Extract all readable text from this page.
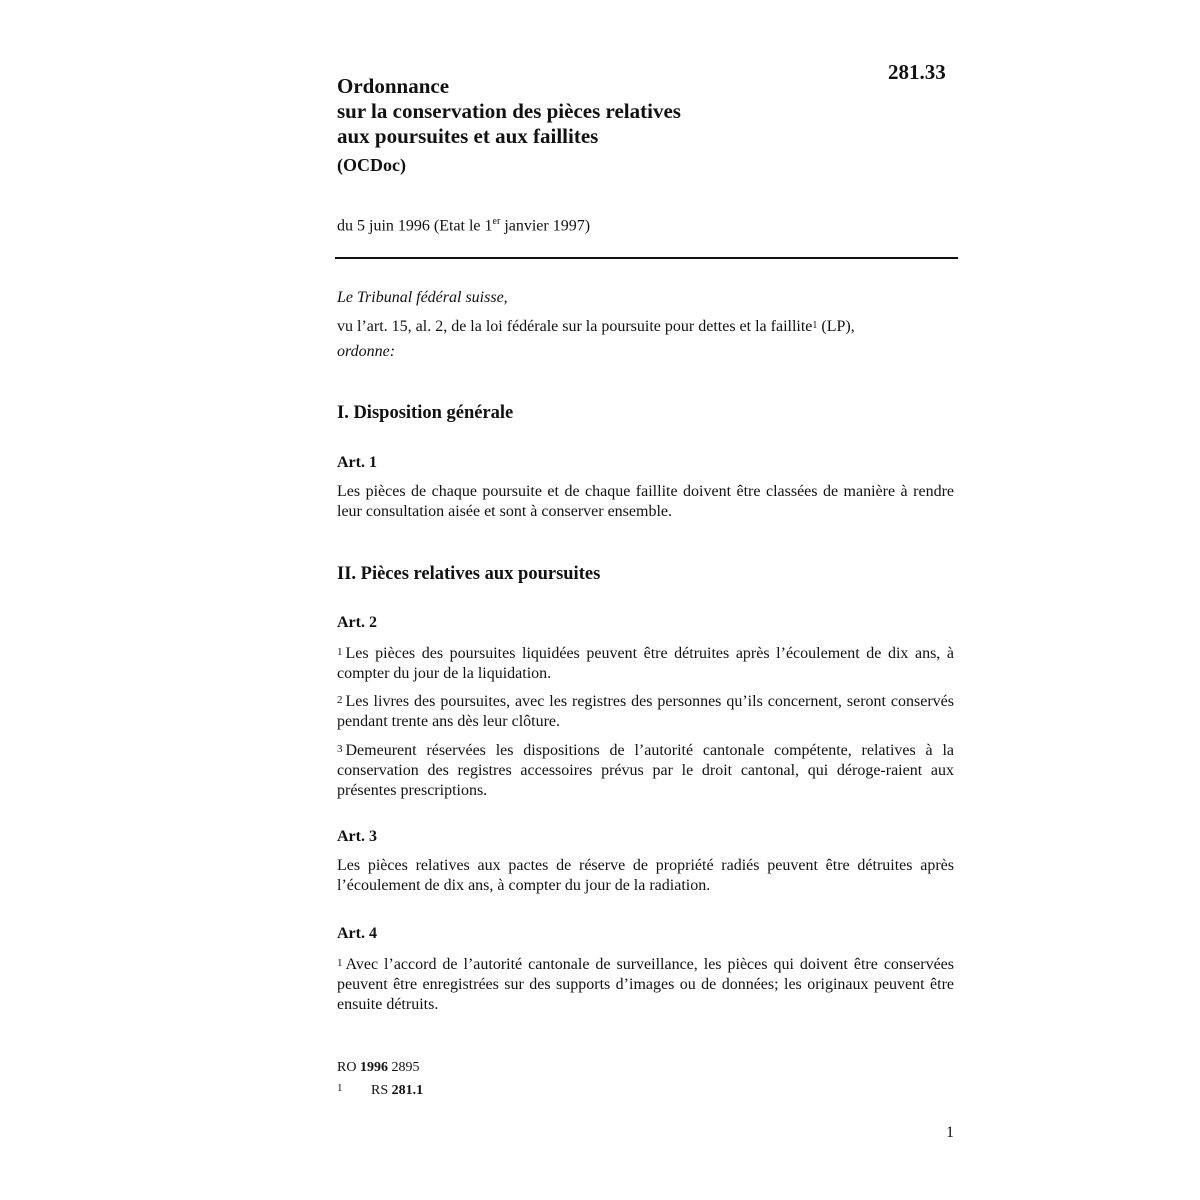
281.33
Ordonnance
sur la conservation des pièces relatives
aux poursuites et aux faillites
(OCDoc)
du 5 juin 1996 (Etat le 1er janvier 1997)

Le Tribunal fédéral suisse,

vu l’art. 15, al. 2, de la loi fédérale sur la poursuite pour dettes et la faillite1 (LP),

ordonne:

I. Disposition générale
Art. 1

Les pièces de chaque poursuite et de chaque faillite doivent être classées de manière à rendre leur consultation aisée et sont à conserver ensemble.

II. Pièces relatives aux poursuites
Art. 2

1 Les pièces des poursuites liquidées peuvent être détruites après l’écoulement de dix ans, à compter du jour de la liquidation.

2 Les livres des poursuites, avec les registres des personnes qu’ils concernent, seront conservés pendant trente ans dès leur clôture.

3 Demeurent réservées les dispositions de l’autorité cantonale compétente, relatives à la conservation des registres accessoires prévus par le droit cantonal, qui déroge-raient aux présentes prescriptions.

Art. 3

Les pièces relatives aux pactes de réserve de propriété radiés peuvent être détruites après l’écoulement de dix ans, à compter du jour de la radiation.

Art. 4

1 Avec l’accord de l’autorité cantonale de surveillance, les pièces qui doivent être conservées peuvent être enregistrées sur des supports d’images ou de données; les originaux peuvent être ensuite détruits.

RO 1996 2895
1 RS 281.1
1
